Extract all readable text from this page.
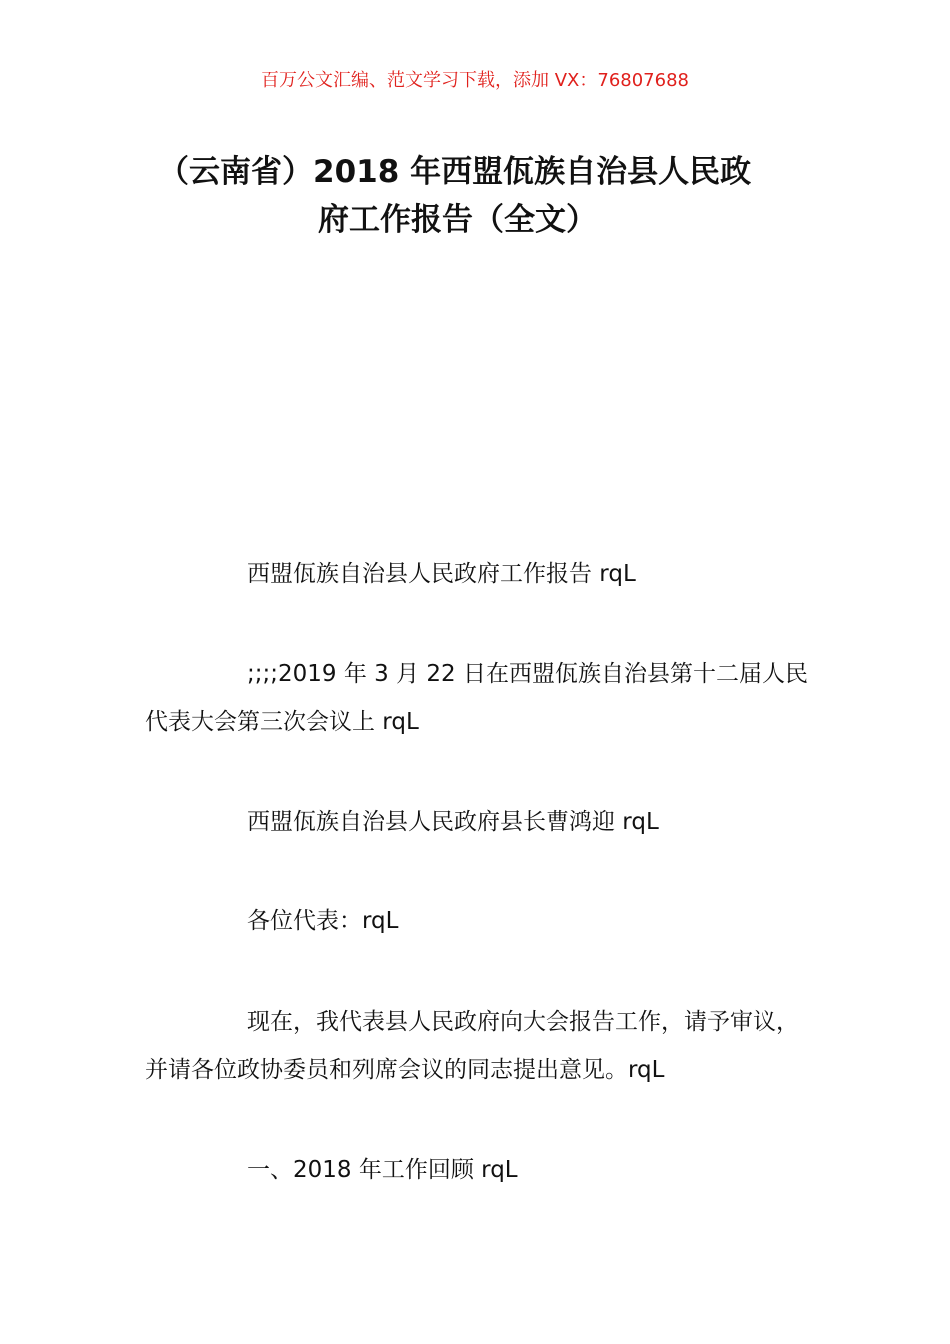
百万公文汇编、范文学习下载，添加 VX：76807688
（云南省）2018 年西盟佤族自治县人民政
府工作报告（全文）

西盟佤族自治县人民政府工作报告 rqL

;;;;2019 年 3 月 22 日在西盟佤族自治县第十二届人民代表大会第三次会议上 rqL

西盟佤族自治县人民政府县长曹鸿迎 rqL

各位代表：rqL

现在，我代表县人民政府向大会报告工作，请予审议，并请各位政协委员和列席会议的同志提出意见。rqL

一、2018 年工作回顾 rqL
